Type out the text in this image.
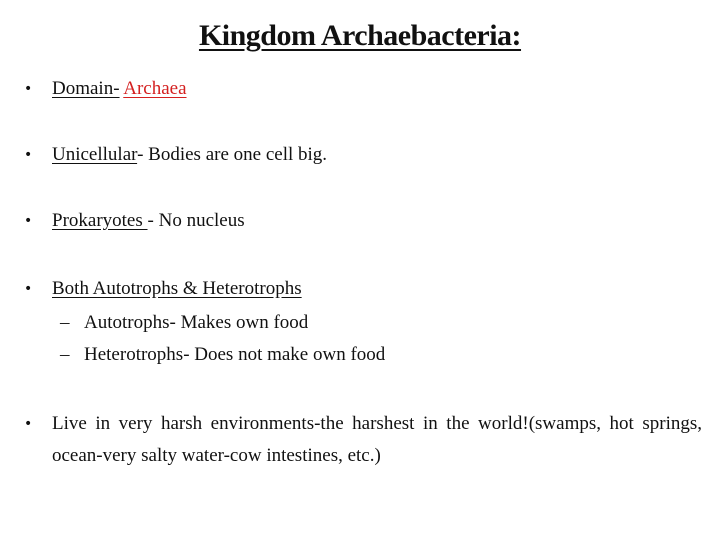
Kingdom Archaebacteria:
• Domain- Archaea
• Unicellular- Bodies are one cell big.
• Prokaryotes - No nucleus
• Both Autotrophs & Heterotrophs
– Autotrophs- Makes own food
– Heterotrophs- Does not make own food
• Live in very harsh environments-the harshest in the world!(swamps, hot springs, ocean-very salty water-cow intestines, etc.)
